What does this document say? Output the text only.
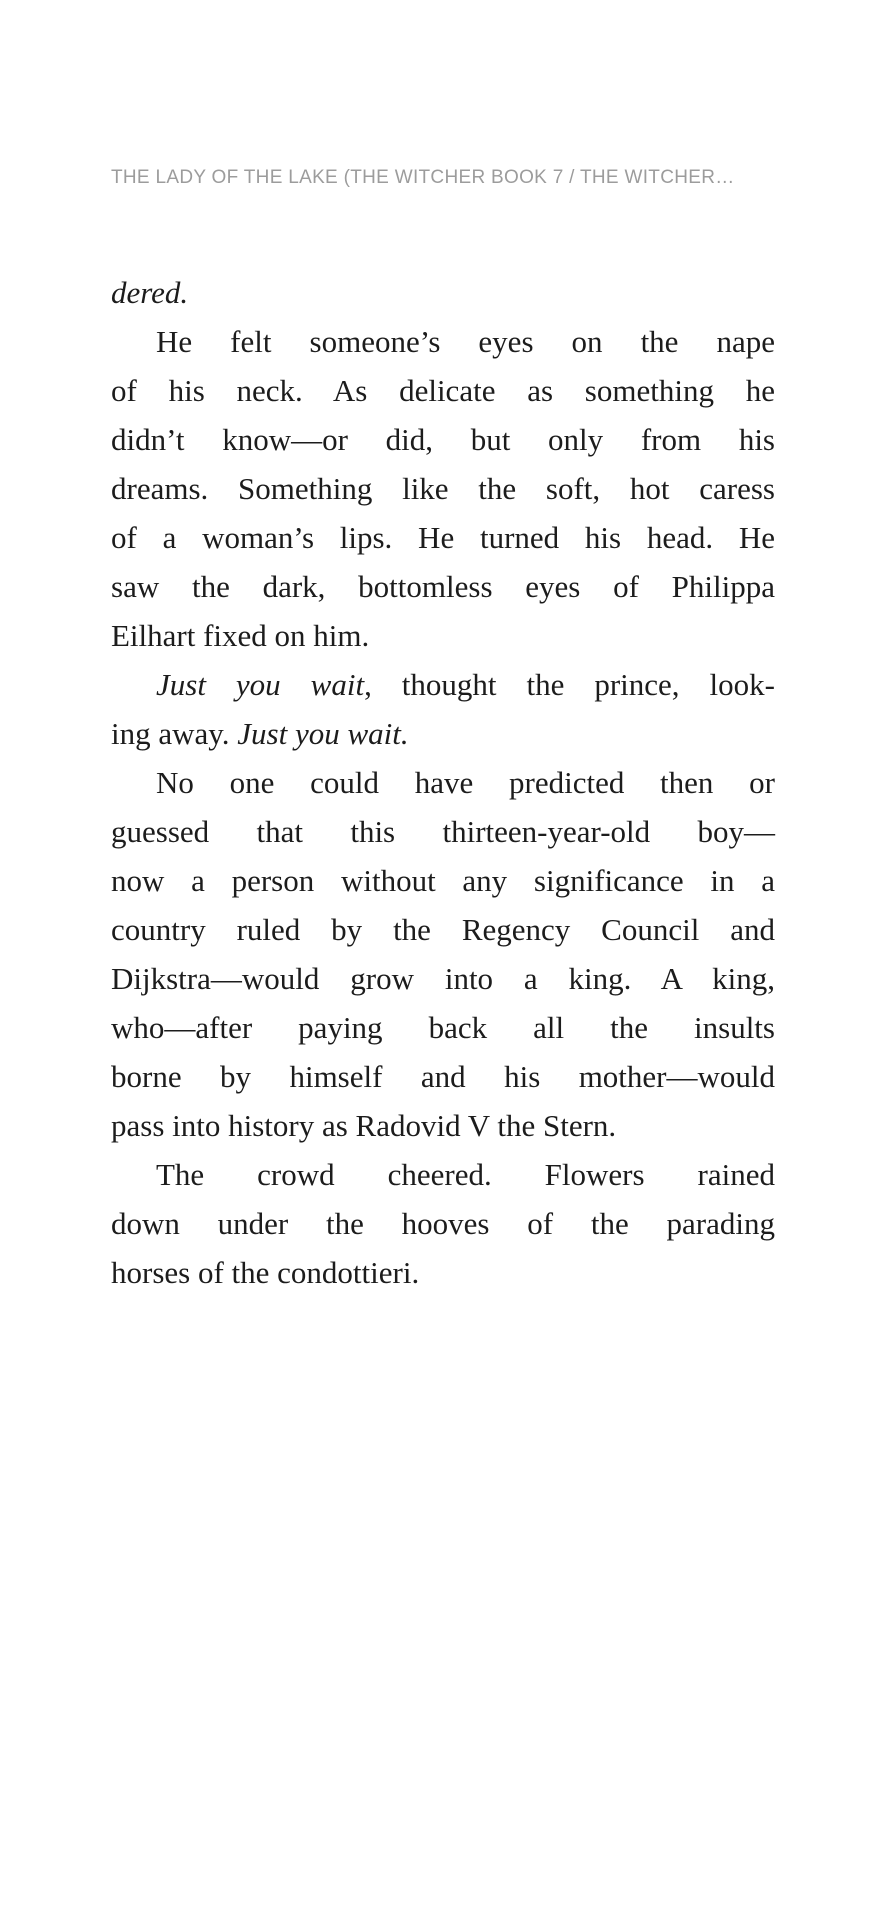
THE LADY OF THE LAKE (THE WITCHER BOOK 7 / THE WITCHER…

dered.

He felt someone’s eyes on the nape
of his neck. As delicate as something he
didn’t know—or did, but only from his
dreams. Something like the soft, hot caress
of a woman’s lips. He turned his head. He
saw the dark, bottomless eyes of Philippa
Eilhart fixed on him.

Just you wait, thought the prince, look-
ing away. Just you wait.

No one could have predicted then or
guessed that this thirteen-year-old boy—
now a person without any significance in a
country ruled by the Regency Council and
Dijkstra—would grow into a king. A king,
who—after paying back all the insults
borne by himself and his mother—would
pass into history as Radovid V the Stern.

The crowd cheered. Flowers rained
down under the hooves of the parading
horses of the condottieri.
